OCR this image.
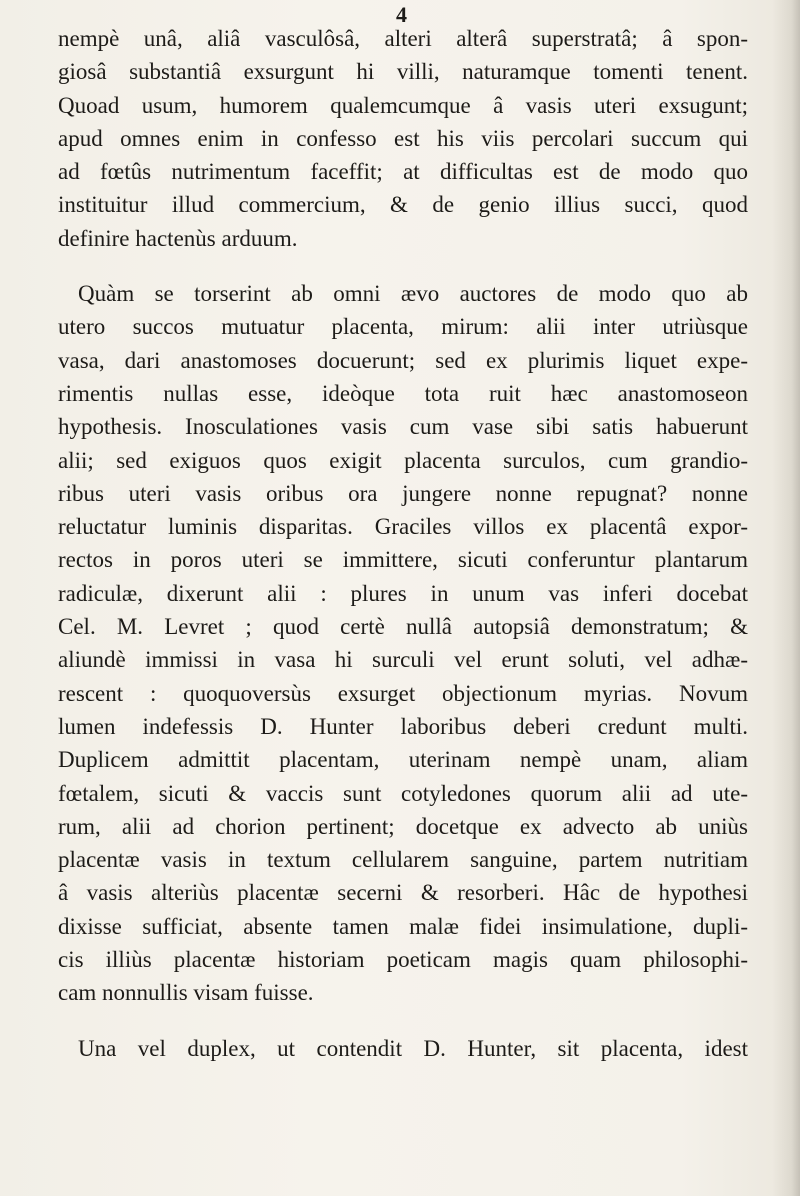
4

nempè unâ, aliâ vasculôsâ, alteri alterâ superstratâ; â spon-
giosâ substantiâ exsurgunt hi villi, naturamque tomenti tenent.
Quoad usum, humorem qualemcumque â vasis uteri exsugunt;
apud omnes enim in confesso est his viis percolari succum qui
ad fœtûs nutrimentum faceffit; at difficultas est de modo quo
instituitur illud commercium, & de genio illius succi, quod
definire hactenùs arduum.

Quàm se torserint ab omni ævo auctores de modo quo ab
utero succos mutuatur placenta, mirum: alii inter utriùsque
vasa, dari anastomoses docuerunt; sed ex plurimis liquet expe-
rimentis nullas esse, ideòque tota ruit hæc anastomoseon
hypothesis. Inosculationes vasis cum vase sibi satis habuerunt
alii; sed exiguos quos exigit placenta surculos, cum grandio-
ribus uteri vasis oribus ora jungere nonne repugnat? nonne
reluctatur luminis disparitas. Graciles villos ex placentâ expor-
rectos in poros uteri se immittere, sicuti conferuntur plantarum
radiculæ, dixerunt alii : plures in unum vas inferi docebat
Cel. M. Levret ; quod certè nullâ autopsiâ demonstratum; &
aliundè immissi in vasa hi surculi vel erunt soluti, vel adhæ-
rescent : quoquoversùs exsurget objectionum myrias. Novum
lumen indefessis D. Hunter laboribus deberi credunt multi.
Duplicem admittit placentam, uterinam nempè unam, aliam
fœtalem, sicuti & vaccis sunt cotyledones quorum alii ad ute-
rum, alii ad chorion pertinent; docetque ex advecto ab uniùs
placentæ vasis in textum cellularem sanguine, partem nutritiam
â vasis alteriùs placentæ secerni & resorberi. Hâc de hypothesi
dixisse sufficiat, absente tamen malæ fidei insimulatione, dupli-
cis illiùs placentæ historiam poeticam magis quam philosophi-
cam nonnullis visam fuisse.

Una vel duplex, ut contendit D. Hunter, sit placenta, idest
